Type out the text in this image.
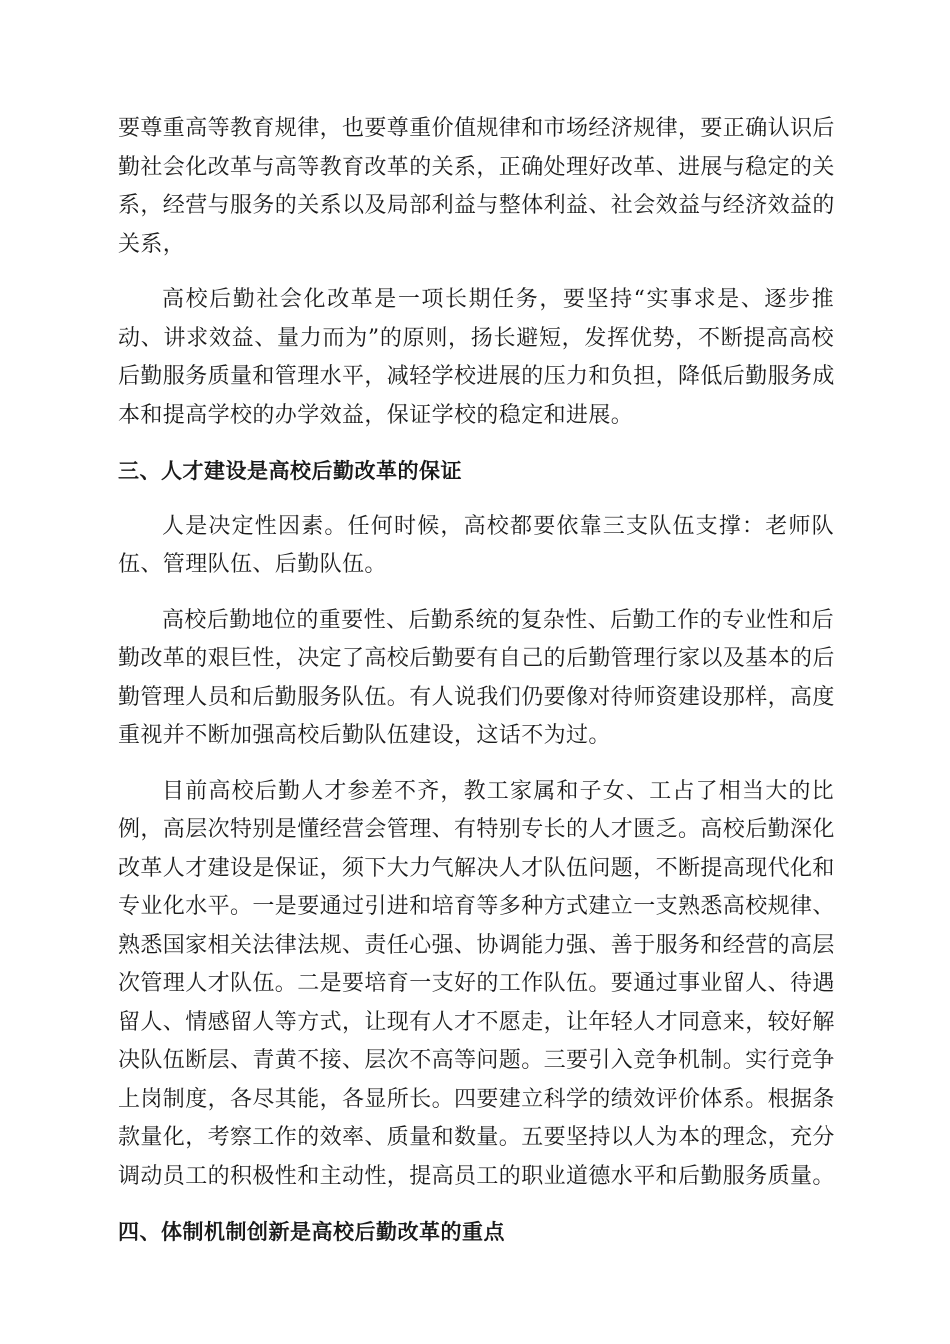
要尊重高等教育规律，也要尊重价值规律和市场经济规律，要正确认识后
勤社会化改革与高等教育改革的关系，正确处理好改革、进展与稳定的关
系，经营与服务的关系以及局部利益与整体利益、社会效益与经济效益的
关系，

高校后勤社会化改革是一项长期任务，要坚持“实事求是、逐步推
动、讲求效益、量力而为”的原则，扬长避短，发挥优势，不断提高高校
后勤服务质量和管理水平，减轻学校进展的压力和负担，降低后勤服务成
本和提高学校的办学效益，保证学校的稳定和进展。

三、人才建设是高校后勤改革的保证

人是决定性因素。任何时候，高校都要依靠三支队伍支撑：老师队
伍、管理队伍、后勤队伍。

高校后勤地位的重要性、后勤系统的复杂性、后勤工作的专业性和后
勤改革的艰巨性，决定了高校后勤要有自己的后勤管理行家以及基本的后
勤管理人员和后勤服务队伍。有人说我们仍要像对待师资建设那样，高度
重视并不断加强高校后勤队伍建设，这话不为过。

目前高校后勤人才参差不齐，教工家属和子女、工占了相当大的比
例，高层次特别是懂经营会管理、有特别专长的人才匮乏。高校后勤深化
改革人才建设是保证，须下大力气解决人才队伍问题，不断提高现代化和
专业化水平。一是要通过引进和培育等多种方式建立一支熟悉高校规律、
熟悉国家相关法律法规、责任心强、协调能力强、善于服务和经营的高层
次管理人才队伍。二是要培育一支好的工作队伍。要通过事业留人、待遇
留人、情感留人等方式，让现有人才不愿走，让年轻人才同意来，较好解
决队伍断层、青黄不接、层次不高等问题。三要引入竞争机制。实行竞争
上岗制度，各尽其能，各显所长。四要建立科学的绩效评价体系。根据条
款量化，考察工作的效率、质量和数量。五要坚持以人为本的理念，充分
调动员工的积极性和主动性，提高员工的职业道德水平和后勤服务质量。

四、体制机制创新是高校后勤改革的重点
